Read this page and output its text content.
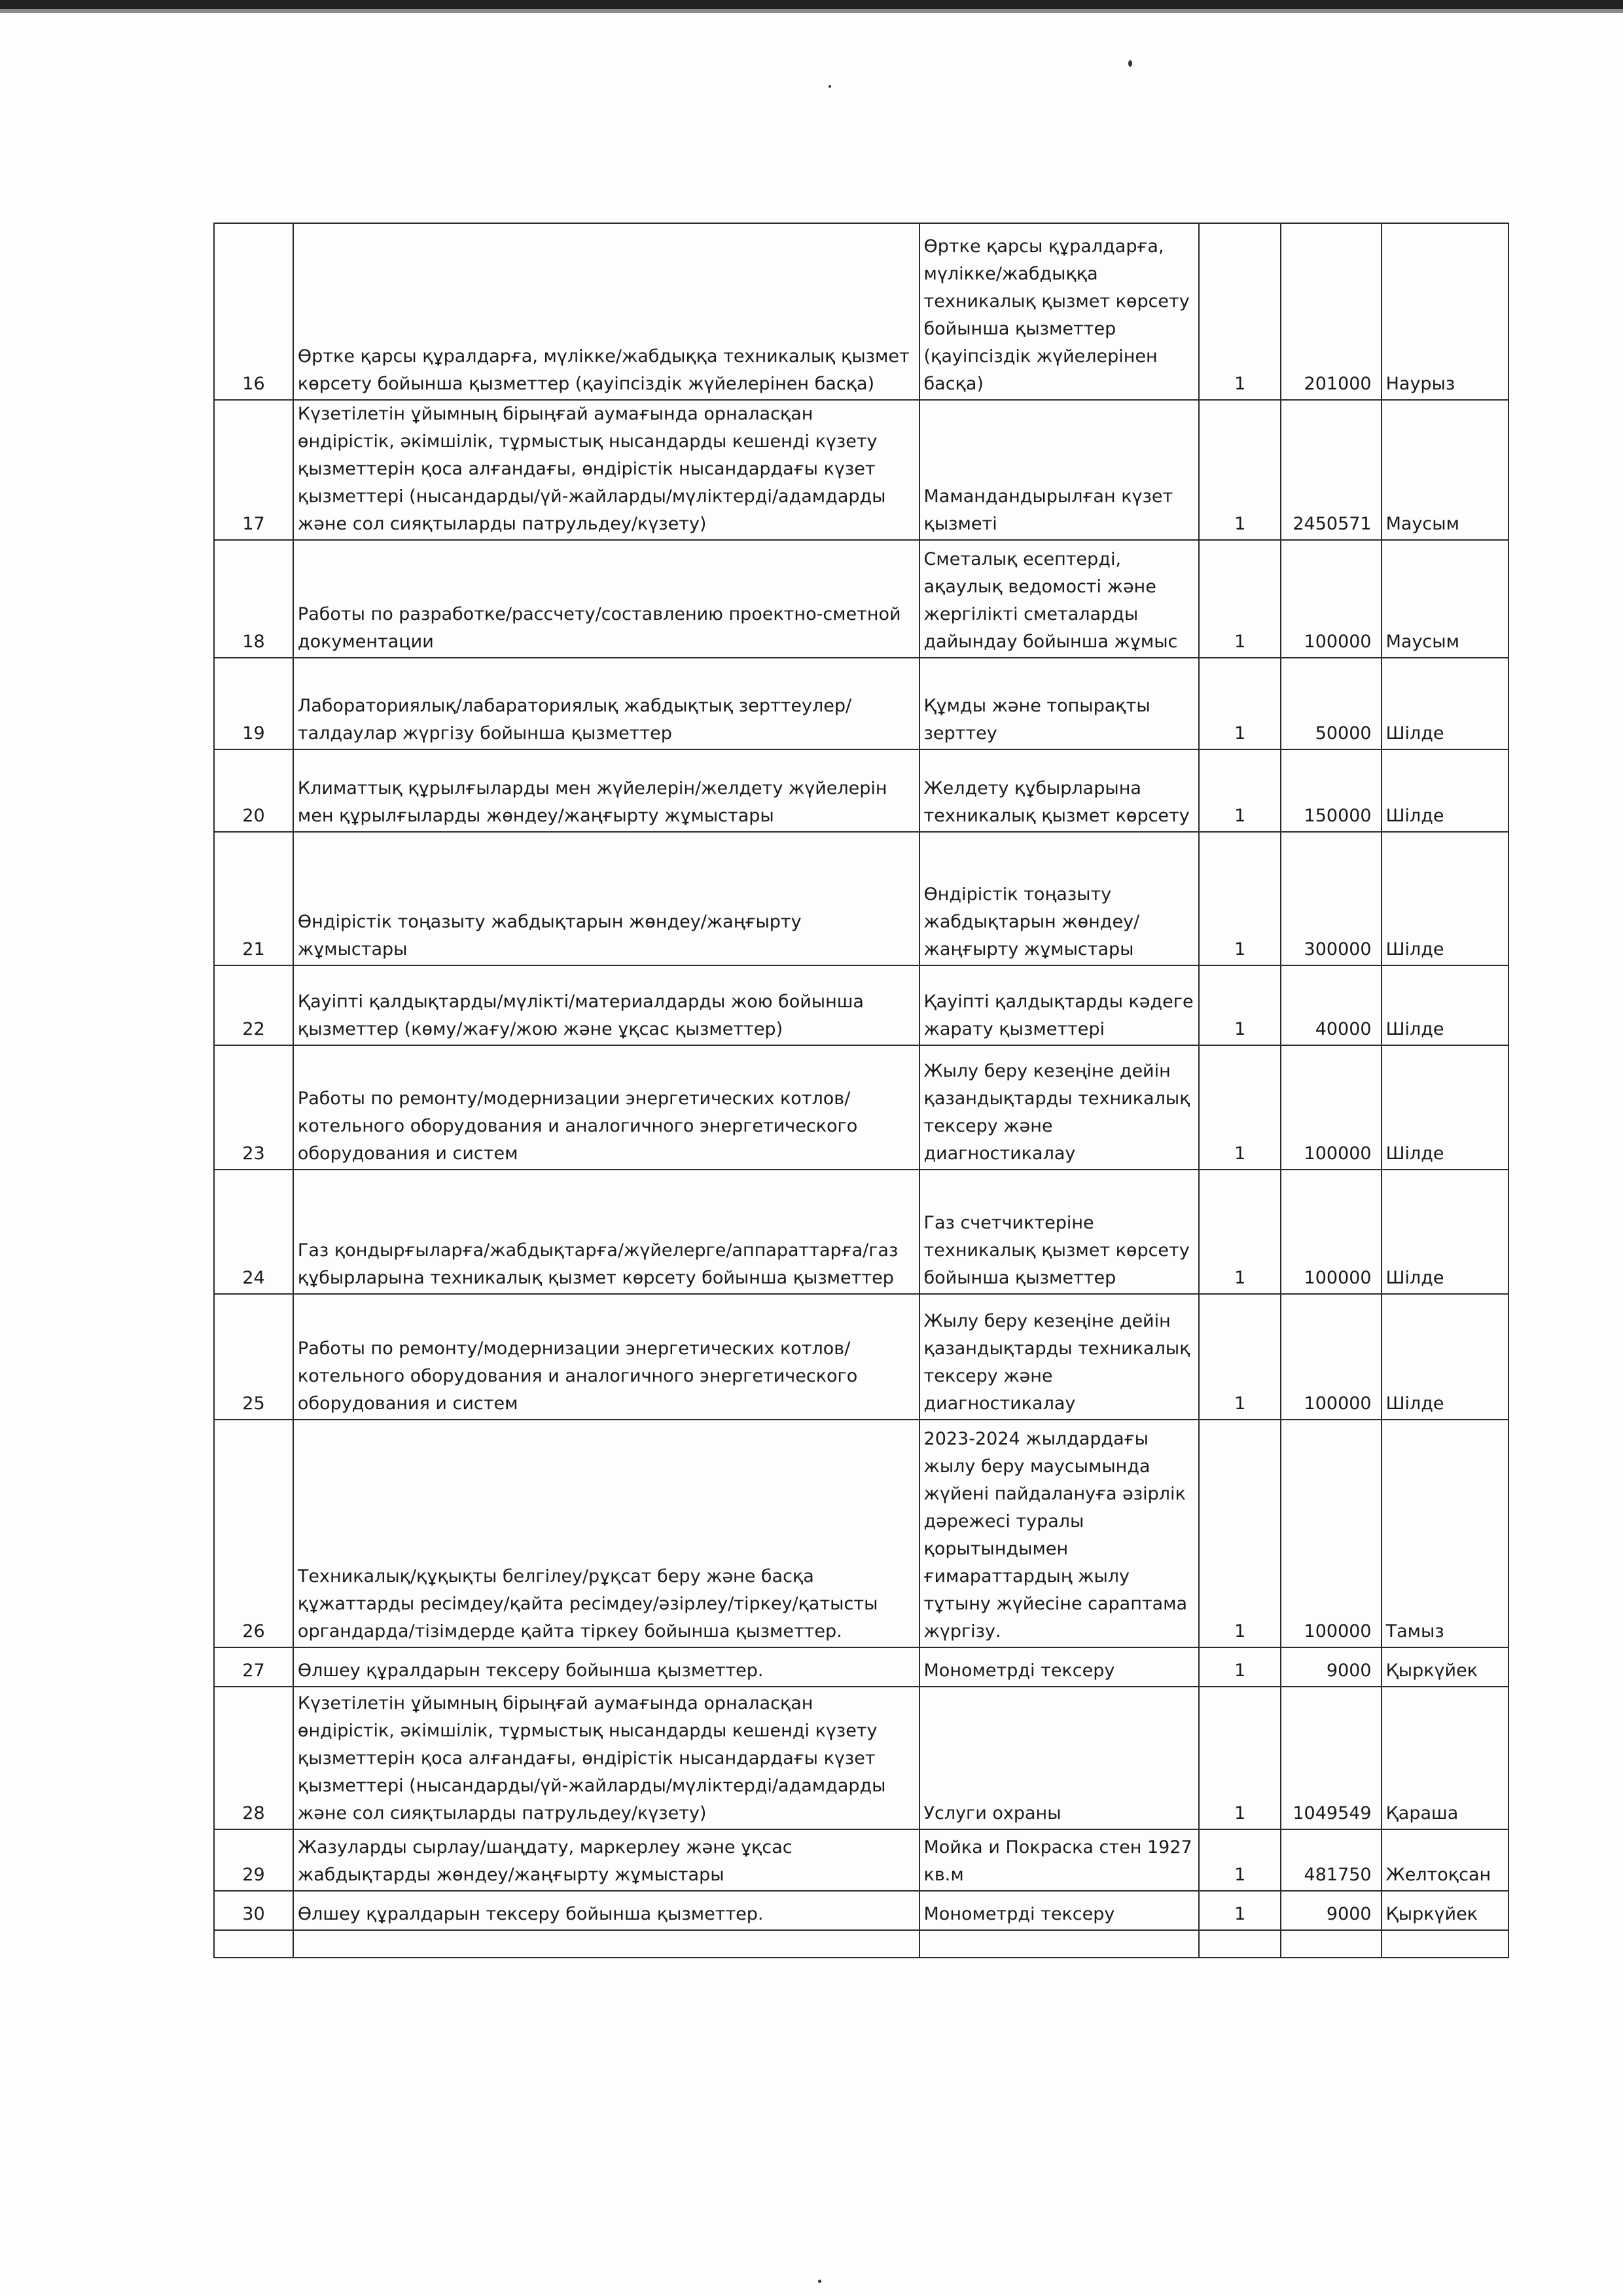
16	Өртке қарсы құралдарға, мүлікке/жабдыққа техникалық қызмет көрсету бойынша қызметтер (қауіпсіздік жүйелерінен басқа)	Өртке қарсы құралдарға, мүлікке/жабдыққа техникалық қызмет көрсету бойынша қызметтер (қауіпсіздік жүйелерінен басқа)	1	201000	Наурыз
17	Күзетілетін ұйымның бірыңғай аумағында орналасқан өндірістік, әкімшілік, тұрмыстық нысандарды кешенді күзету қызметтерін қоса алғандағы, өндірістік нысандардағы күзет қызметтері (нысандарды/үй-жайларды/мүліктерді/адамдарды және сол сияқтыларды патрульдеу/күзету)	Мамандандырылған күзет қызметі	1	2450571	Маусым
18	Работы по разработке/рассчету/составлению проектно-сметной документации	Сметалық есептерді, ақаулық ведомості және жергілікті сметаларды дайындау бойынша жұмыс	1	100000	Маусым
19	Лабораториялық/лабараториялық жабдықтық зерттеулер/талдаулар жүргізу бойынша қызметтер	Құмды және топырақты зерттеу	1	50000	Шілде
20	Климаттық құрылғыларды мен жүйелерін/желдету жүйелерін мен құрылғыларды жөндеу/жаңғырту жұмыстары	Желдету құбырларына техникалық қызмет көрсету	1	150000	Шілде
21	Өндірістік тоңазыту жабдықтарын жөндеу/жаңғырту жұмыстары	Өндірістік тоңазыту жабдықтарын жөндеу/жаңғырту жұмыстары	1	300000	Шілде
22	Қауіпті қалдықтарды/мүлікті/материалдарды жою бойынша қызметтер (көму/жағу/жою және ұқсас қызметтер)	Қауіпті қалдықтарды кәдеге жарату қызметтері	1	40000	Шілде
23	Работы по ремонту/модернизации энергетических котлов/котельного оборудования и аналогичного энергетического оборудования и систем	Жылу беру кезеңіне дейін қазандықтарды техникалық тексеру және диагностикалау	1	100000	Шілде
24	Газ қондырғыларға/жабдықтарға/жүйелерге/аппараттарға/газ құбырларына техникалық қызмет көрсету бойынша қызметтер	Газ счетчиктеріне техникалық қызмет көрсету бойынша қызметтер	1	100000	Шілде
25	Работы по ремонту/модернизации энергетических котлов/котельного оборудования и аналогичного энергетического оборудования и систем	Жылу беру кезеңіне дейін қазандықтарды техникалық тексеру және диагностикалау	1	100000	Шілде
26	Техникалық/құқықты белгілеу/рұқсат беру және басқа құжаттарды ресімдеу/қайта ресімдеу/әзірлеу/тіркеу/қатысты органдарда/тізімдерде қайта тіркеу бойынша қызметтер.	2023-2024 жылдардағы жылу беру маусымында жүйені пайдалануға әзірлік дәрежесі туралы қорытындымен ғимараттардың жылу тұтыну жүйесіне сараптама жүргізу.	1	100000	Тамыз
27	Өлшеу құралдарын тексеру бойынша қызметтер.	Монометрді тексеру	1	9000	Қыркүйек
28	Күзетілетін ұйымның бірыңғай аумағында орналасқан өндірістік, әкімшілік, тұрмыстық нысандарды кешенді күзету қызметтерін қоса алғандағы, өндірістік нысандардағы күзет қызметтері (нысандарды/үй-жайларды/мүліктерді/адамдарды және сол сияқтыларды патрульдеу/күзету)	Услуги охраны	1	1049549	Қараша
29	Жазуларды сырлау/шаңдату, маркерлеу және ұқсас жабдықтарды жөндеу/жаңғырту жұмыстары	Мойка и Покраска стен 1927 кв.м	1	481750	Желтоқсан
30	Өлшеу құралдарын тексеру бойынша қызметтер.	Монометрді тексеру	1	9000	Қыркүйек
